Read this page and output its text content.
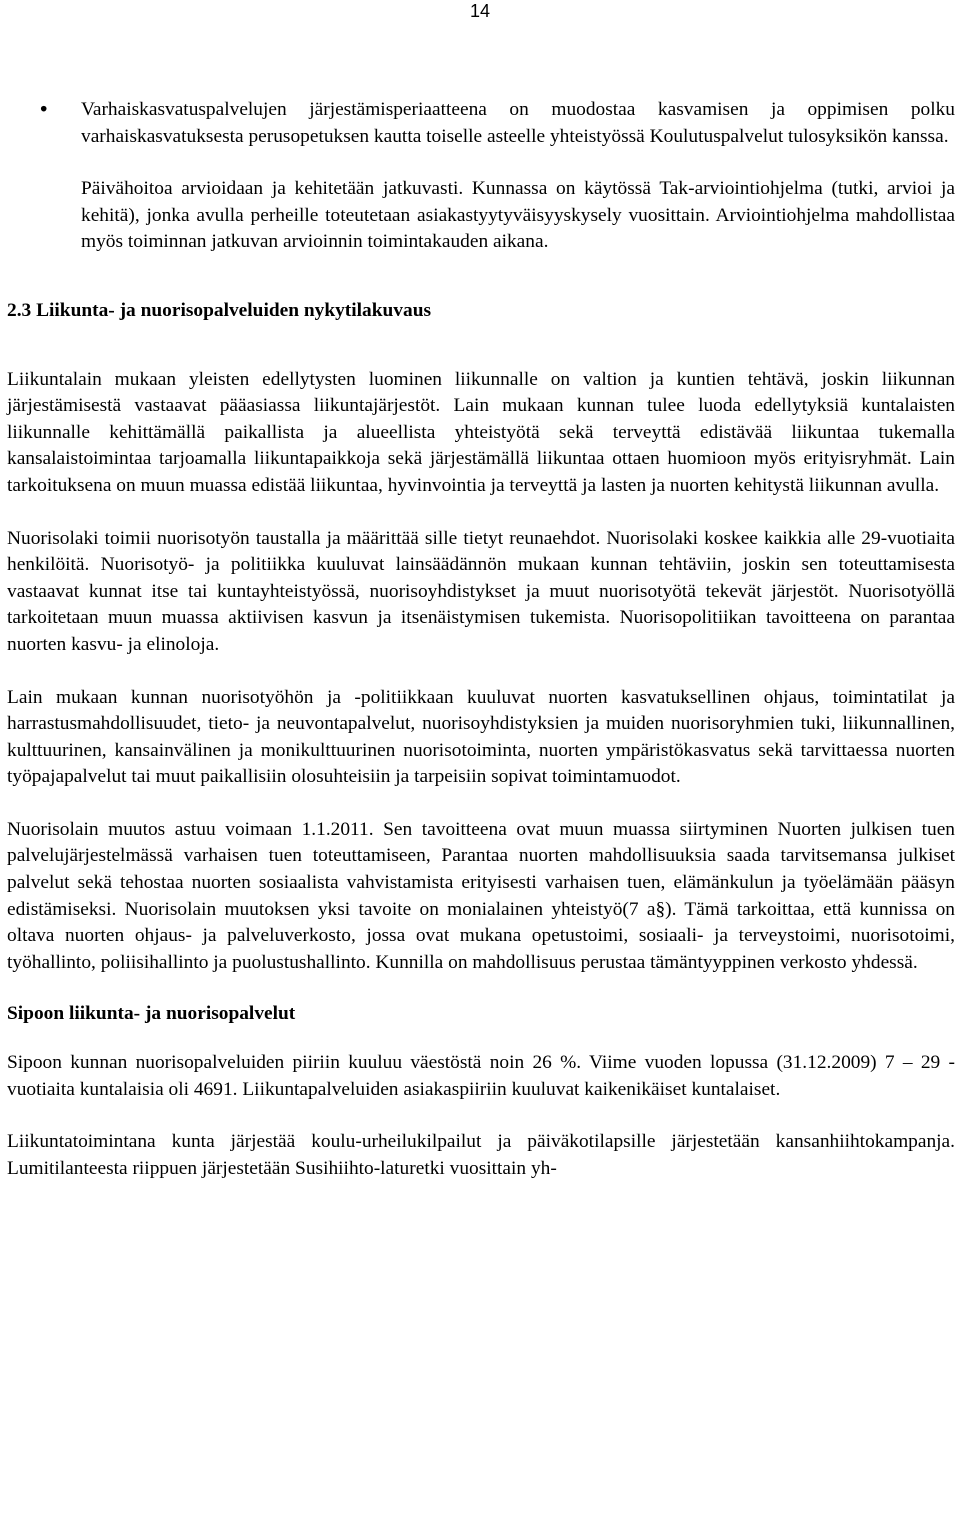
14
• Varhaiskasvatuspalvelujen järjestämisperiaatteena on muodostaa kasvamisen ja oppimisen polku varhaiskasvatuksesta perusopetuksen kautta toiselle asteelle yhteistyössä Koulutuspalvelut tulosyksikön kanssa.

Päivähoitoa arvioidaan ja kehitetään jatkuvasti. Kunnassa on käytössä Tak-arviointiohjelma (tutki, arvioi ja kehitä), jonka avulla perheille toteutetaan asiakastyytyväisyyskysely vuosittain. Arviointiohjelma mahdollistaa myös toiminnan jatkuvan arvioinnin toimintakauden aikana.

2.3 Liikunta- ja nuorisopalveluiden nykytilakuvaus

Liikuntalain mukaan yleisten edellytysten luominen liikunnalle on valtion ja kuntien tehtävä, joskin liikunnan järjestämisestä vastaavat pääasiassa liikuntajärjestöt. Lain mukaan kunnan tulee luoda edellytyksiä kuntalaisten liikunnalle kehittämällä paikallista ja alueellista yhteistyötä sekä terveyttä edistävää liikuntaa tukemalla kansalaistoimintaa tarjoamalla liikuntapaikkoja sekä järjestämällä liikuntaa ottaen huomioon myös erityisryhmät. Lain tarkoituksena on muun muassa edistää liikuntaa, hyvinvointia ja terveyttä ja lasten ja nuorten kehitystä liikunnan avulla.

Nuorisolaki toimii nuorisotyön taustalla ja määrittää sille tietyt reunaehdot. Nuorisolaki koskee kaikkia alle 29-vuotiaita henkilöitä. Nuorisotyö- ja politiikka kuuluvat lainsäädännön mukaan kunnan tehtäviin, joskin sen toteuttamisesta vastaavat kunnat itse tai kuntayhteistyössä, nuorisoyhdistykset ja muut nuorisotyötä tekevät järjestöt. Nuorisotyöllä tarkoitetaan muun muassa aktiivisen kasvun ja itsenäistymisen tukemista. Nuorisopolitiikan tavoitteena on parantaa nuorten kasvu- ja elinoloja.

Lain mukaan kunnan nuorisotyöhön ja -politiikkaan kuuluvat nuorten kasvatuksellinen ohjaus, toimintatilat ja harrastusmahdollisuudet, tieto- ja neuvontapalvelut, nuorisoyhdistyksien ja muiden nuorisoryhmien tuki, liikunnallinen, kulttuurinen, kansainvälinen ja monikulttuurinen nuorisotoiminta, nuorten ympäristökasvatus sekä tarvittaessa nuorten työpajapalvelut tai muut paikallisiin olosuhteisiin ja tarpeisiin sopivat toimintamuodot.

Nuorisolain muutos astuu voimaan 1.1.2011. Sen tavoitteena ovat muun muassa siirtyminen Nuorten julkisen tuen palvelujärjestelmässä varhaisen tuen toteuttamiseen, Parantaa nuorten mahdollisuuksia saada tarvitsemansa julkiset palvelut sekä tehostaa nuorten sosiaalista vahvistamista erityisesti varhaisen tuen, elämänkulun ja työelämään pääsyn edistämiseksi. Nuorisolain muutoksen yksi tavoite on monialainen yhteistyö(7 a§). Tämä tarkoittaa, että kunnissa on oltava nuorten ohjaus- ja palveluverkosto, jossa ovat mukana opetustoimi, sosiaali- ja terveystoimi, nuorisotoimi, työhallinto, poliisihallinto ja puolustushallinto. Kunnilla on mahdollisuus perustaa tämäntyyppinen verkosto yhdessä.

Sipoon liikunta- ja nuorisopalvelut

Sipoon kunnan nuorisopalveluiden piiriin kuuluu väestöstä noin 26 %. Viime vuoden lopussa (31.12.2009) 7 – 29 -vuotiaita kuntalaisia oli 4691. Liikuntapalveluiden asiakaspiiriin kuuluvat kaikenikäiset kuntalaiset.

Liikuntatoimintana kunta järjestää koulu-urheilukilpailut ja päiväkotilapsille järjestetään kansanhiihtokampanja. Lumitilanteesta riippuen järjestetään Susihiihto-laturetki vuosittain yh-
